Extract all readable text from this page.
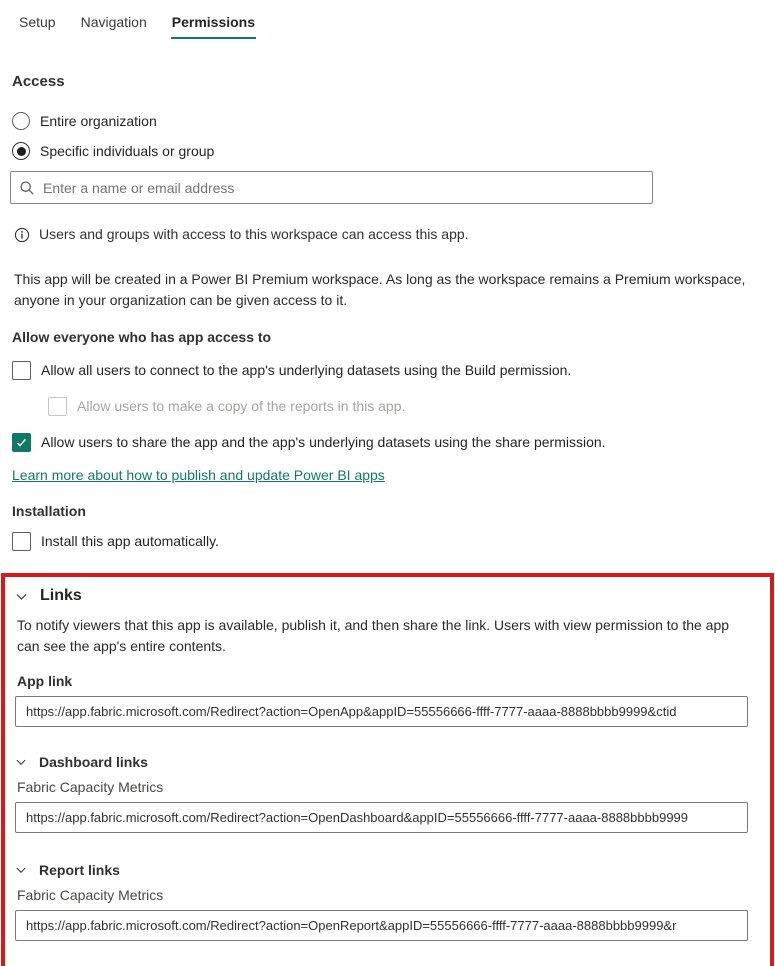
Setup Navigation Permissions
Access
Entire organization
Specific individuals or group
Enter a name or email address
Users and groups with access to this workspace can access this app.
This app will be created in a Power BI Premium workspace. As long as the workspace remains a Premium workspace, anyone in your organization can be given access to it.
Allow everyone who has app access to
Allow all users to connect to the app's underlying datasets using the Build permission.
Allow users to make a copy of the reports in this app.
Allow users to share the app and the app's underlying datasets using the share permission.
Learn more about how to publish and update Power BI apps
Installation
Install this app automatically.
Links
To notify viewers that this app is available, publish it, and then share the link. Users with view permission to the app can see the app's entire contents.
App link
https://app.fabric.microsoft.com/Redirect?action=OpenApp&appID=55556666-ffff-7777-aaaa-8888bbbb9999&ctid
Dashboard links
Fabric Capacity Metrics
https://app.fabric.microsoft.com/Redirect?action=OpenDashboard&appID=55556666-ffff-7777-aaaa-8888bbbb9999
Report links
Fabric Capacity Metrics
https://app.fabric.microsoft.com/Redirect?action=OpenReport&appID=55556666-ffff-7777-aaaa-8888bbbb9999&r
